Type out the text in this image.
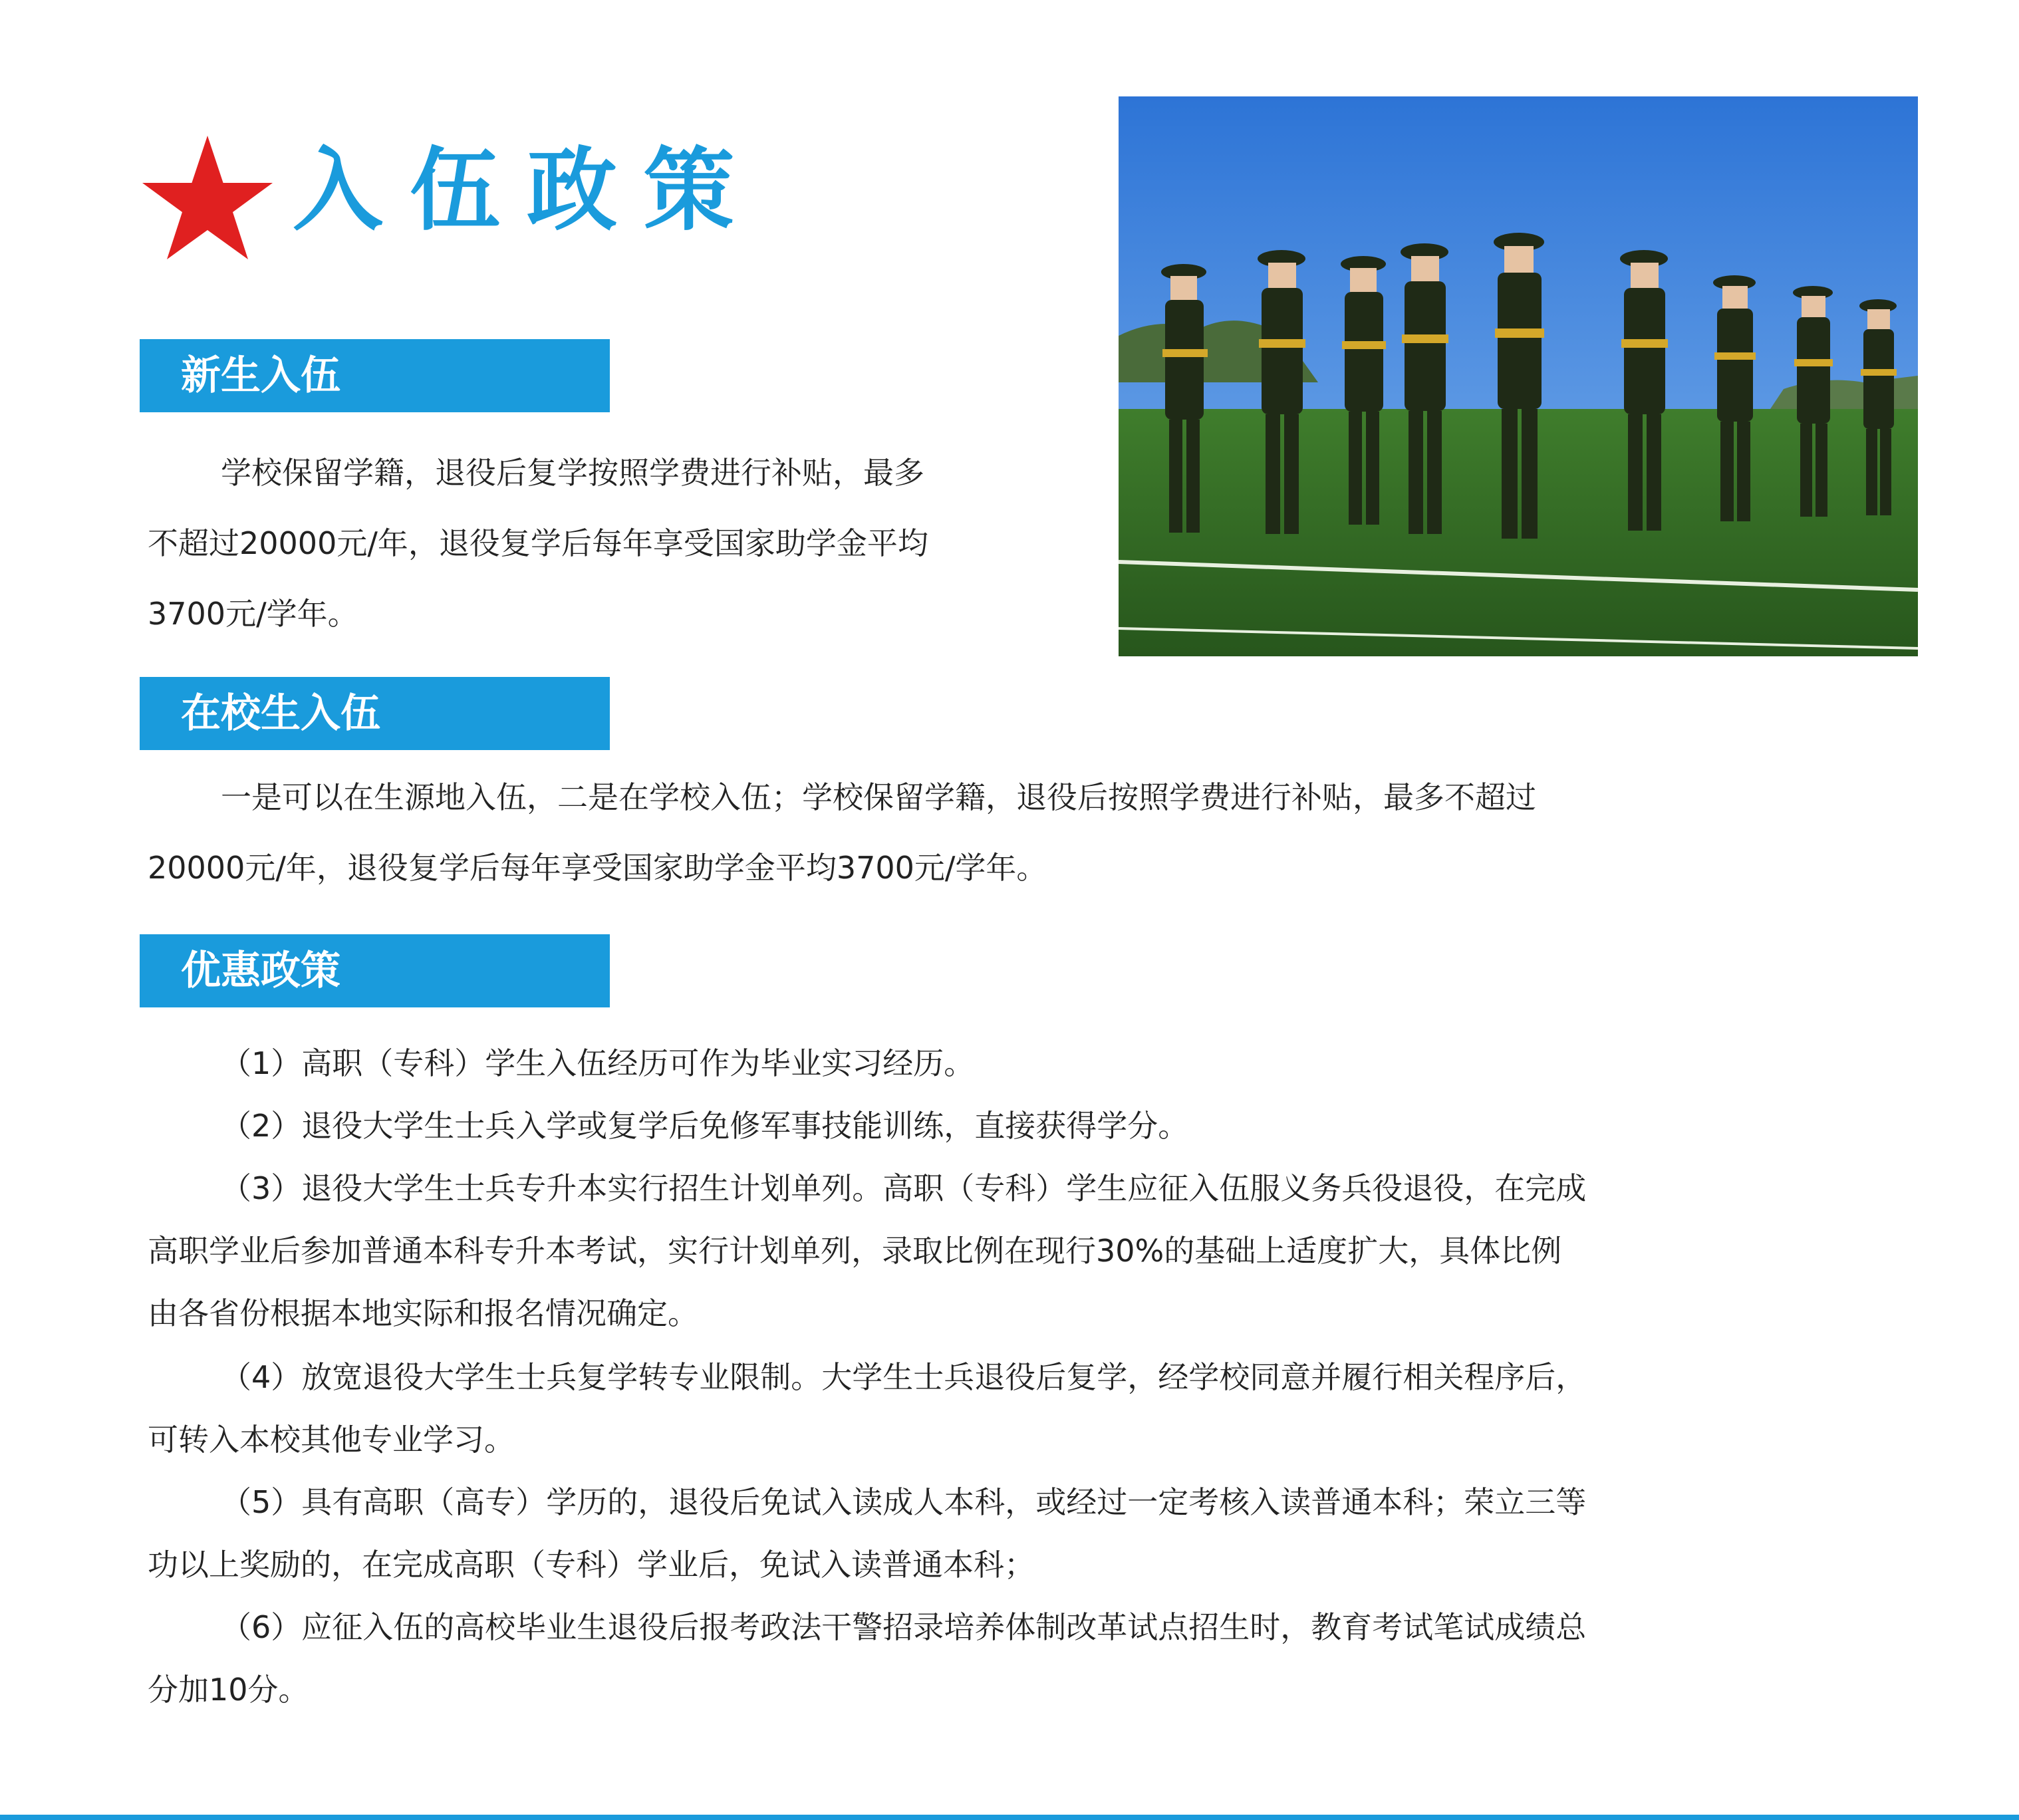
入伍政策
新生入伍

学校保留学籍，退役后复学按照学费进行补贴，最多
不超过20000元/年，退役复学后每年享受国家助学金平均
3700元/学年。

在校生入伍

一是可以在生源地入伍，二是在学校入伍；学校保留学籍，退役后按照学费进行补贴，最多不超过
20000元/年，退役复学后每年享受国家助学金平均3700元/学年。

优惠政策
（1）高职（专科）学生入伍经历可作为毕业实习经历。
（2）退役大学生士兵入学或复学后免修军事技能训练，直接获得学分。
（3）退役大学生士兵专升本实行招生计划单列。高职（专科）学生应征入伍服义务兵役退役，在完成
高职学业后参加普通本科专升本考试，实行计划单列，录取比例在现行30%的基础上适度扩大，具体比例
由各省份根据本地实际和报名情况确定。
（4）放宽退役大学生士兵复学转专业限制。大学生士兵退役后复学，经学校同意并履行相关程序后，
可转入本校其他专业学习。
（5）具有高职（高专）学历的，退役后免试入读成人本科，或经过一定考核入读普通本科；荣立三等
功以上奖励的，在完成高职（专科）学业后，免试入读普通本科；
（6）应征入伍的高校毕业生退役后报考政法干警招录培养体制改革试点招生时，教育考试笔试成绩总
分加10分。
